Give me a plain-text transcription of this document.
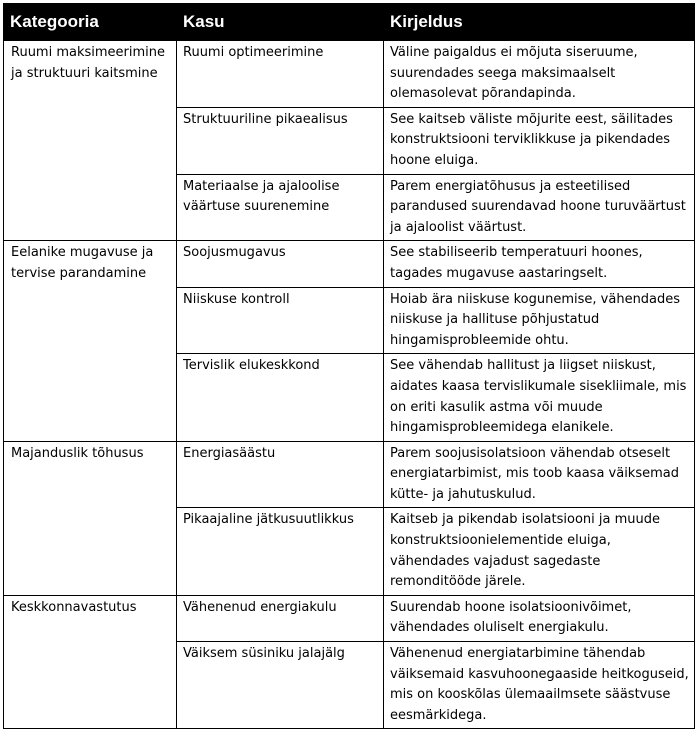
Kategooria	Kasu	Kirjeldus
Ruumi maksimeerimine ja struktuuri kaitsmine	Ruumi optimeerimine	Väline paigaldus ei mõjuta siseruume, suurendades seega maksimaalselt olemasolevat põrandapinda.
	Struktuuriline pikaealisus	See kaitseb väliste mõjurite eest, säilitades konstruktsiooni terviklikkuse ja pikendades hoone eluiga.
	Materiaalse ja ajaloolise väärtuse suurenemine	Parem energiatõhusus ja esteetilised parandused suurendavad hoone turuväärtust ja ajaloolist väärtust.
Eelanike mugavuse ja tervise parandamine	Soojusmugavus	See stabiliseerib temperatuuri hoones, tagades mugavuse aastaringselt.
	Niiskuse kontroll	Hoiab ära niiskuse kogunemise, vähendades niiskuse ja hallituse põhjustatud hingamisprobleemide ohtu.
	Tervislik elukeskkond	See vähendab hallitust ja liigset niiskust, aidates kaasa tervislikumale sisekliimale, mis on eriti kasulik astma või muude hingamisprobleemidega elanikele.
Majanduslik tõhusus	Energiasäästu	Parem soojusisolatsioon vähendab otseselt energiatarbimist, mis toob kaasa väiksemad kütte- ja jahutuskulud.
	Pikaajaline jätkusuutlikkus	Kaitseb ja pikendab isolatsiooni ja muude konstruktsioonielementide eluiga, vähendades vajadust sagedaste remonditööde järele.
Keskkonnavastutus	Vähenenud energiakulu	Suurendab hoone isolatsioonivõimet, vähendades oluliselt energiakulu.
	Väiksem süsiniku jalajälg	Vähenenud energiatarbimine tähendab väiksemaid kasvuhoonegaaside heitkoguseid, mis on kooskõlas ülemaailmsete säästvuse eesmärkidega.
